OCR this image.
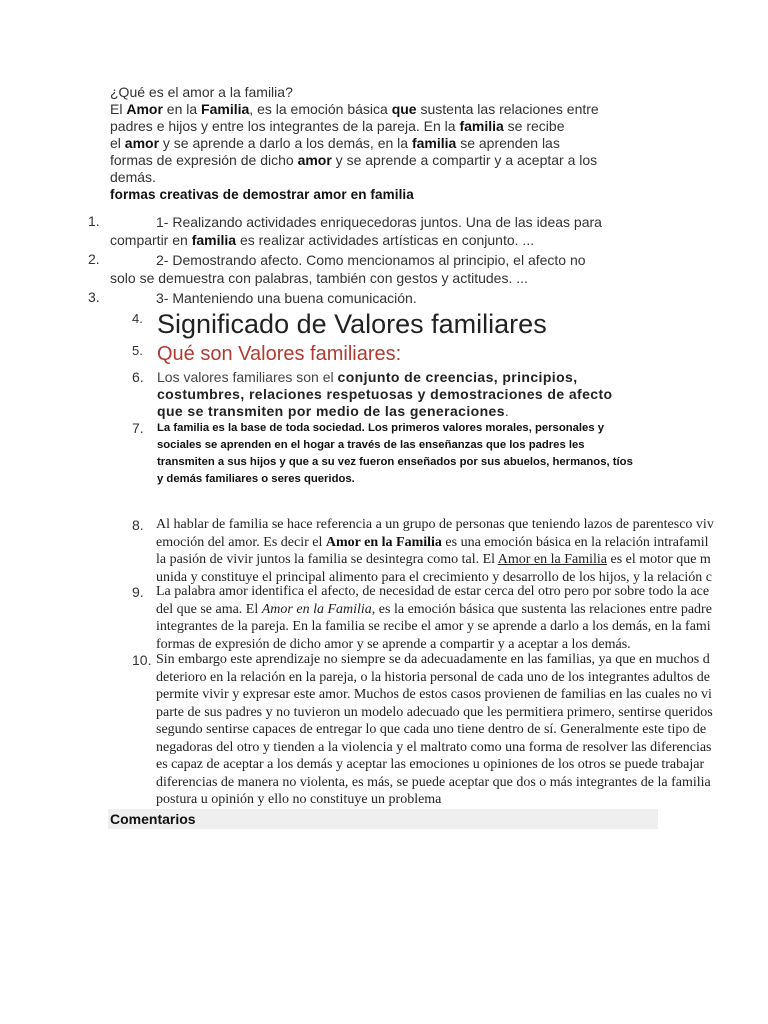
¿Qué es el amor a la familia?
El Amor en la Familia, es la emoción básica que sustenta las relaciones entre
padres e hijos y entre los integrantes de la pareja. En la familia se recibe
el amor y se aprende a darlo a los demás, en la familia se aprenden las
formas de expresión de dicho amor y se aprende a compartir y a aceptar a los
demás.
formas creativas de demostrar amor en familia
1.	1- Realizando actividades enriquecedoras juntos. Una de las ideas para
compartir en familia es realizar actividades artísticas en conjunto. ...
2.	2- Demostrando afecto. Como mencionamos al principio, el afecto no
solo se demuestra con palabras, también con gestos y actitudes. ...
3.	3- Manteniendo una buena comunicación.
4. Significado de Valores familiares
5. Qué son Valores familiares:
6. Los valores familiares son el conjunto de creencias, principios,
costumbres, relaciones respetuosas y demostraciones de afecto
que se transmiten por medio de las generaciones.
7. La familia es la base de toda sociedad. Los primeros valores morales, personales y
sociales se aprenden en el hogar a través de las enseñanzas que los padres les
transmiten a sus hijos y que a su vez fueron enseñados por sus abuelos, hermanos, tíos
y demás familiares o seres queridos.
8. Al hablar de familia se hace referencia a un grupo de personas que teniendo lazos de parentesco viv
emoción del amor. Es decir el Amor en la Familia es una emoción básica en la relación intrafamil
la pasión de vivir juntos la familia se desintegra como tal. El Amor en la Familia es el motor que m
unida y constituye el principal alimento para el crecimiento y desarrollo de los hijos, y la relación c
9. La palabra amor identifica el afecto, de necesidad de estar cerca del otro pero por sobre todo la ace
del que se ama. El Amor en la Familia, es la emoción básica que sustenta las relaciones entre padre
integrantes de la pareja. En la familia se recibe el amor y se aprende a darlo a los demás, en la fami
formas de expresión de dicho amor y se aprende a compartir y a aceptar a los demás.
10. Sin embargo este aprendizaje no siempre se da adecuadamente en las familias, ya que en muchos d
deterioro en la relación en la pareja, o la historia personal de cada uno de los integrantes adultos de
permite vivir y expresar este amor. Muchos de estos casos provienen de familias en las cuales no vi
parte de sus padres y no tuvieron un modelo adecuado que les permitiera primero, sentirse queridos
segundo sentirse capaces de entregar lo que cada uno tiene dentro de sí. Generalmente este tipo de
negadoras del otro y tienden a la violencia y el maltrato como una forma de resolver las diferencias
es capaz de aceptar a los demás y aceptar las emociones u opiniones de los otros se puede trabajar
diferencias de manera no violenta, es más, se puede aceptar que dos o más integrantes de la familia
postura u opinión y ello no constituye un problema
Comentarios
